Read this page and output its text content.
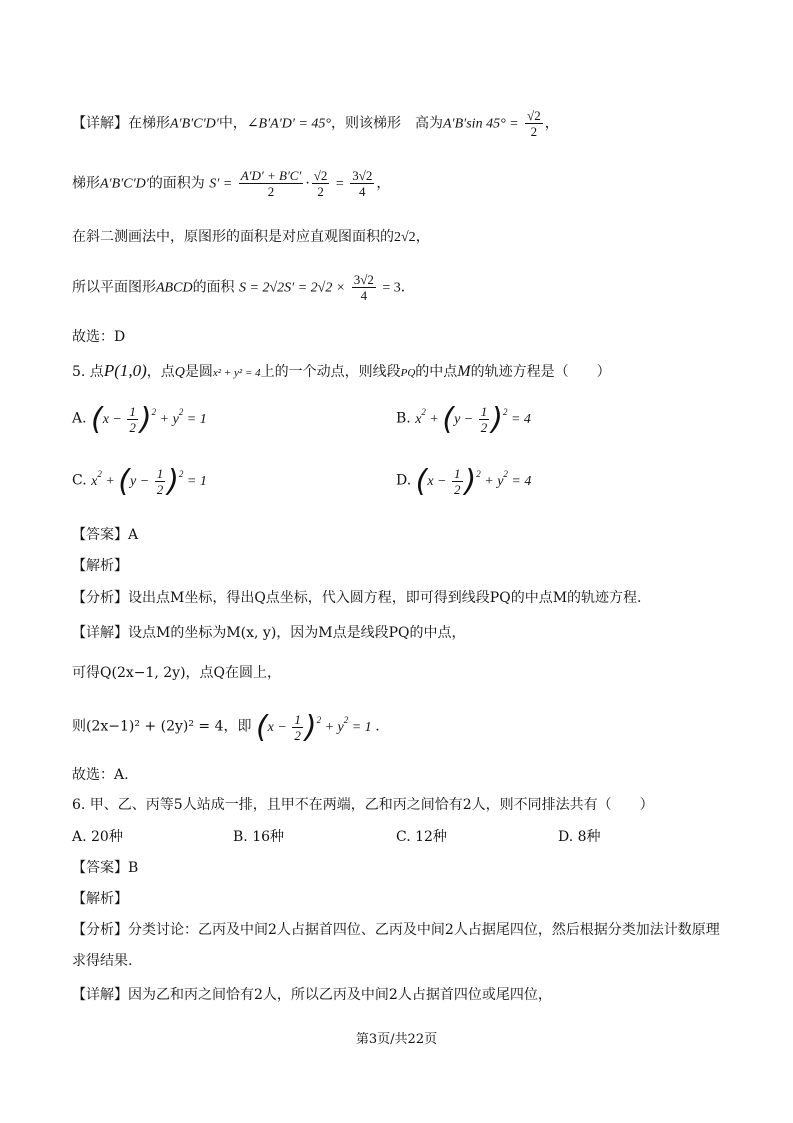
【详解】在梯形A′B′C′D′中，∠B′A′D′ = 45°，则该梯形　高为A′B′sin $45^\circ = \frac{√2}{2}$ ，
梯形A′B′C′D′的面积为 $S' = \frac{A'D' + B'C'}{2} \cdot \frac{√2}{2} = \frac{3√2}{4}$ ，
在斜二测画法中，原图形的面积是对应直观图面积的2√2，
所以平面图形ABCD的面积 $S = 2√2S' = 2√2 \times \frac{3√2}{4} = 3$．
故选：D
5. 点P(1,0)，点Q是圆x² + y² = 4上的一个动点，则线段PQ的中点M的轨迹方程是（　　）
A. $(x - \frac{1}{2} )^2 + y^2 = 1$	B. $x^2 + (y - \frac{1}{2} )^2 = 4$
C. $x^2 + (y - \frac{1}{2} )^2 = 1$	D. $(x - \frac{1}{2} )^2 + y^2 = 4$
【答案】A
【解析】
【分析】设出点M坐标，得出Q点坐标，代入圆方程，即可得到线段PQ的中点M的轨迹方程.
【详解】设点M的坐标为M(x, y)，因为M点是线段PQ的中点，
可得Q(2x−1, 2y)，点Q在圆上，
则(2x−1)² + (2y)² = 4，即 $(x - \frac{1}{2} )^2 + y^2 = 1$ .
故选：A.
6. 甲、乙、丙等5人站成一排，且甲不在两端，乙和丙之间恰有2人，则不同排法共有（　　）
A. 20种	B. 16种	C. 12种	D. 8种
【答案】B
【解析】
【分析】分类讨论：乙丙及中间2人占据首四位、乙丙及中间2人占据尾四位，然后根据分类加法计数原理
求得结果.
【详解】因为乙和丙之间恰有2人，所以乙丙及中间2人占据首四位或尾四位，
第3页/共22页
